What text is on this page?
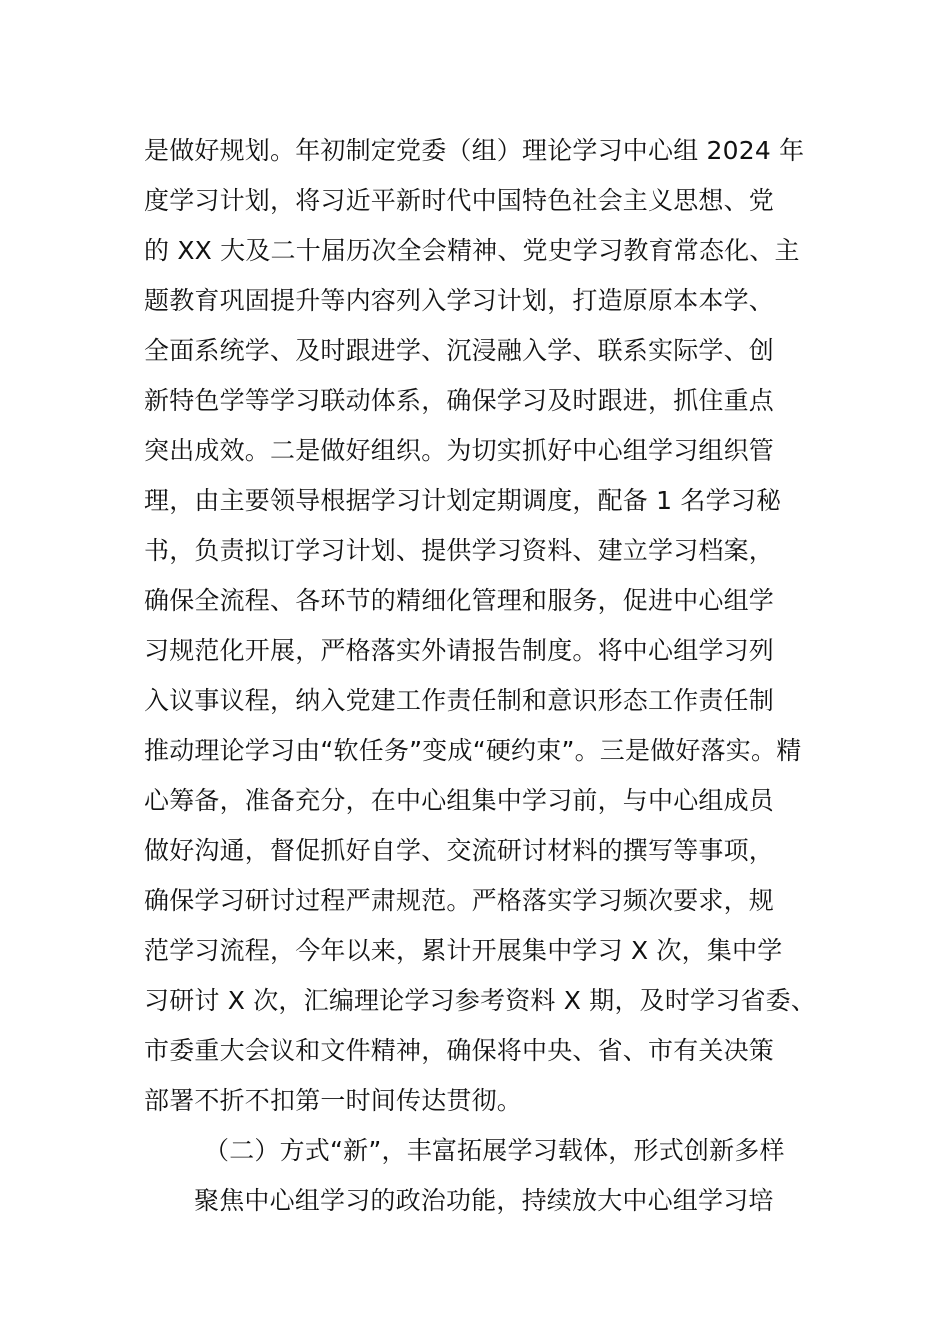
是做好规划。年初制定党委（组）理论学习中心组 2024 年
度学习计划，将习近平新时代中国特色社会主义思想、党
的 XX 大及二十届历次全会精神、党史学习教育常态化、主
题教育巩固提升等内容列入学习计划，打造原原本本学、
全面系统学、及时跟进学、沉浸融入学、联系实际学、创
新特色学等学习联动体系，确保学习及时跟进，抓住重点
突出成效。二是做好组织。为切实抓好中心组学习组织管
理，由主要领导根据学习计划定期调度，配备 1 名学习秘
书，负责拟订学习计划、提供学习资料、建立学习档案，
确保全流程、各环节的精细化管理和服务，促进中心组学
习规范化开展，严格落实外请报告制度。将中心组学习列
入议事议程，纳入党建工作责任制和意识形态工作责任制
推动理论学习由“软任务”变成“硬约束”。三是做好落实。精
心筹备，准备充分，在中心组集中学习前，与中心组成员
做好沟通，督促抓好自学、交流研讨材料的撰写等事项，
确保学习研讨过程严肃规范。严格落实学习频次要求，规
范学习流程，今年以来，累计开展集中学习 X 次，集中学
习研讨 X 次，汇编理论学习参考资料 X 期，及时学习省委、
市委重大会议和文件精神，确保将中央、省、市有关决策
部署不折不扣第一时间传达贯彻。
（二）方式“新”，丰富拓展学习载体，形式创新多样
聚焦中心组学习的政治功能，持续放大中心组学习培
